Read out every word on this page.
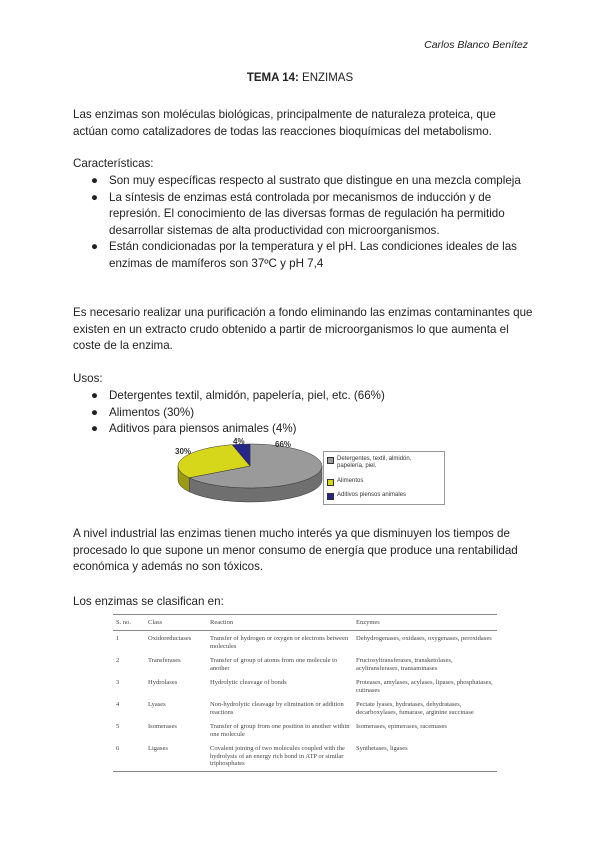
Carlos Blanco Benítez
TEMA 14: ENZIMAS
Las enzimas son moléculas biológicas, principalmente de naturaleza proteica, que actúan como catalizadores de todas las reacciones bioquímicas del metabolismo.
Características:
● Son muy específicas respecto al sustrato que distingue en una mezcla compleja
● La síntesis de enzimas está controlada por mecanismos de inducción y de represión. El conocimiento de las diversas formas de regulación ha permitido desarrollar sistemas de alta productividad con microorganismos.
● Están condicionadas por la temperatura y el pH. Las condiciones ideales de las enzimas de mamíferos son 37ºC y pH 7,4
Es necesario realizar una purificación a fondo eliminando las enzimas contaminantes que existen en un extracto crudo obtenido a partir de microorganismos lo que aumenta el coste de la enzima.
Usos:
● Detergentes textil, almidón, papelería, piel, etc. (66%)
● Alimentos (30%)
● Aditivos para piensos animales (4%)
66%
30%
4%
Detergentes, textil, almidón, papelería, piel.
Alimentos
Aditivos piensos animales
A nivel industrial las enzimas tienen mucho interés ya que disminuyen los tiempos de procesado lo que supone un menor consumo de energía que produce una rentabilidad económica y además no son tóxicos.
Los enzimas se clasifican en:
S. no.	Class	Reaction	Enzymes
1	Oxidoreductases	Transfer of hydrogen or oxygen or electrons between molecules	Dehydrogenases, oxidases, oxygenases, peroxidases
2	Transferases	Transfer of group of atoms from one molecule to another	Fructosyltransferases, transketolases, acyltransferases, transaminases
3	Hydrolases	Hydrolytic cleavage of bonds	Proteases, amylases, acylases, lipases, phosphatases, cutinases
4	Lyases	Non-hydrolytic cleavage by elimination or addition reactions	Pectate lyases, hydratases, dehydratases, decarboxylases, fumarase, arginine succinase
5	Isomerases	Transfer of group from one position to another within one molecule	Isomerases, epimerases, racemases
6	Ligases	Covalent joining of two molecules coupled with the hydrolysis of an energy rich bond in ATP or similar triphosphates	Synthetases, ligases
